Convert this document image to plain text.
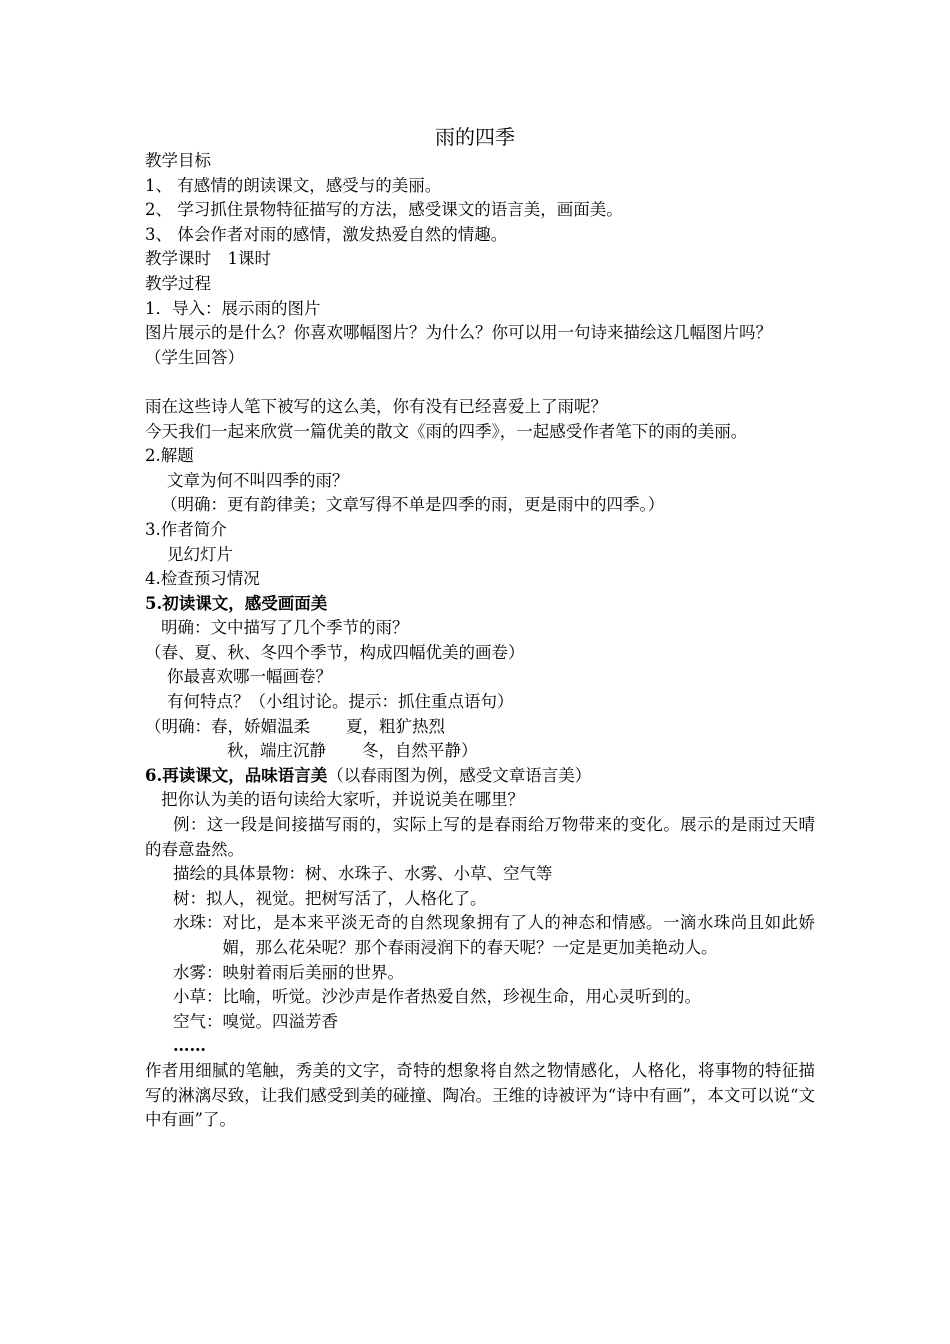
雨的四季
教学目标
1、 有感情的朗读课文，感受与的美丽。
2、 学习抓住景物特征描写的方法，感受课文的语言美，画面美。
3、 体会作者对雨的感情，激发热爱自然的情趣。
教学课时　1课时
教学过程
1．导入：展示雨的图片
图片展示的是什么？你喜欢哪幅图片？为什么？你可以用一句诗来描绘这几幅图片吗？
（学生回答）
雨在这些诗人笔下被写的这么美，你有没有已经喜爱上了雨呢？
今天我们一起来欣赏一篇优美的散文《雨的四季》，一起感受作者笔下的雨的美丽。
2.解题
文章为何不叫四季的雨？
（明确：更有韵律美；文章写得不单是四季的雨，更是雨中的四季。）
3.作者简介
见幻灯片
4.检查预习情况
5.初读课文，感受画面美
明确：文中描写了几个季节的雨？
（春、夏、秋、冬四个季节，构成四幅优美的画卷）
你最喜欢哪一幅画卷？
有何特点？（小组讨论。提示：抓住重点语句）
（明确：春，娇媚温柔 夏，粗犷热烈
秋，端庄沉静 冬，自然平静）
6.再读课文，品味语言美（以春雨图为例，感受文章语言美）
把你认为美的语句读给大家听，并说说美在哪里？
例：这一段是间接描写雨的，实际上写的是春雨给万物带来的变化。展示的是雨过天晴的春意盎然。
描绘的具体景物：树、水珠子、水雾、小草、空气等
树：拟人，视觉。把树写活了，人格化了。
水珠： 对比，是本来平淡无奇的自然现象拥有了人的神态和情感。一滴水珠尚且如此娇媚，那么花朵呢？那个春雨浸润下的春天呢？一定是更加美艳动人。
水雾：映射着雨后美丽的世界。
小草：比喻，听觉。沙沙声是作者热爱自然，珍视生命，用心灵听到的。
空气：嗅觉。四溢芳香
……
作者用细腻的笔触，秀美的文字，奇特的想象将自然之物情感化，人格化，将事物的特征描写的淋漓尽致，让我们感受到美的碰撞、陶冶。王维的诗被评为“诗中有画”，本文可以说“文中有画”了。
